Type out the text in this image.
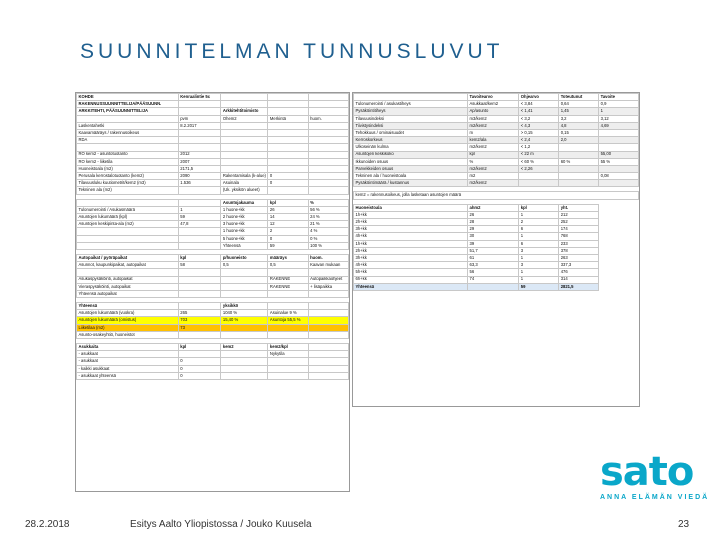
SUUNNITELMAN TUNNUSLUVUT
KOHDE	Kenraalintie 5c			
RAKENNUSSUUNNITTELIJA/PÄÄSUUNN.				
ARKKITEHTI, PÄÄSUUNNITTELIJA		Arkkitehtitoimisto		
	pvm	Ohem2	Merkintä	huom.
Laskentahetki	8.2.2017			
Kaavamääräys / rakennusoikeus				
RDA				

RO kem2 - asuntotuotanto	2012			
RO kem2 - liiketila	2007			
Huoneistoala (m2)	2171,5			
Perusala kerrostalotuotanto (kem2)	2090	Rakentamisala (k-alue)	0	
Tilavuusluku kuutiometrit/kem2 (m3)	1.536	Asuinala	0	
Tekninen ala (m2)		(Uk. yksikön alueet)		

		Asuntojakauma	kpl	%
Tulonumerointi / Asukasmäärä	1	1 huone+kk	26	56 %
Asuntojen lukumäärä (kpl)	59	2 huone+kk	14	24 %
Asuntojen keskipinta-ala (m2)	47,8	3 huone+kk	12	21 %
		1 huone+kk	2	4 %
		5 huone+kk	0	0 %
		Yhteensä	59	100 %

Autopaikat / pyöräpaikat	kpl	p/huoneisto	määräys	huom.
Asunnot, kaupunkipaikat, autopaikat	58	0,5	0,5	Kaavan mukaan

Asukaspysäköinti, autopaikat			RAKENNE	Autopaikkaohjeet
Vieraspysäköinti, autopaikat			RAKENNE	+ lisäpaikka
Yhteensä autopaikat				

Yhteensä		yksikkö		
Asuntojen lukumäärä (vuokra)	265	1040 %	Asuinalue 9 %	
Asuntojen lukumäärä (omistus)	703	15,40 %	Asuntoja 55,5 %	
Liiketilaa (m2)	73			
Asunto-osakeyhtiö, huoneistot				

Asukkaita	kpl	kem2	kem2/kpl	
- asukkaat			Nykytila	
- asukkaat	0			
- kaikki asukkaat	0			
- asukkaat yhteensä	0			
	Tavoitearvo	Ohjearvo	Toteutunut	Tavoite
Tulonumerointi / asukastiheys	Asukkaat/kem2	< 3,84	0,64	0,9
Pysäköintitiheys	Ap/asunto	< 1,41	1,45	1
Tilavuusindeksi	m3/kem2	< 3,2	3,2	3,12
Tiivistysindeksi	m2/kem2	< 4,3	4,8	4,69
Tehokkuus / ominaisuudet	m	> 0,15	0,15	
Kerroskorkeus	kem2/ala	< 2,4	2,0	
Ulkoseinän kulma	m2/kem2	< 1,2		
Asuntojen keskikoko	kpl	< 22 m		55,00
Ikkunoiden osuus	%	< 60 %	60 %	55 %
Parvekkeiden osuus	m2/kem2	< 2,26		
Tekninen ala / huoneistoala	m2			0,08
Pysäköintimäärä / kustannus	m2/kem2			

kem2 = rakennusoikeus, jolla lasketaan asuntojen määrä				

Huoneistoala	ahm2	kpl	yht.	
1h+kk	26	1	212	
2h+kk	28	2	252	
3h+kk	29	6	174	
4h+kk	30	1	768	
1h+kk	39	6	233	
2h+kk	51,7	3	378	
3h+kk	61	1	263	
4h+kk	63,3	3	337,3	
5h+kk	56	1	476	
6h+kk	74	1	314	
Yhteensä		59	2821,5	
sato
ANNA ELÄMÄN VIEDÄ
28.2.2018	Esitys Aalto Yliopistossa / Jouko Kuusela	23
